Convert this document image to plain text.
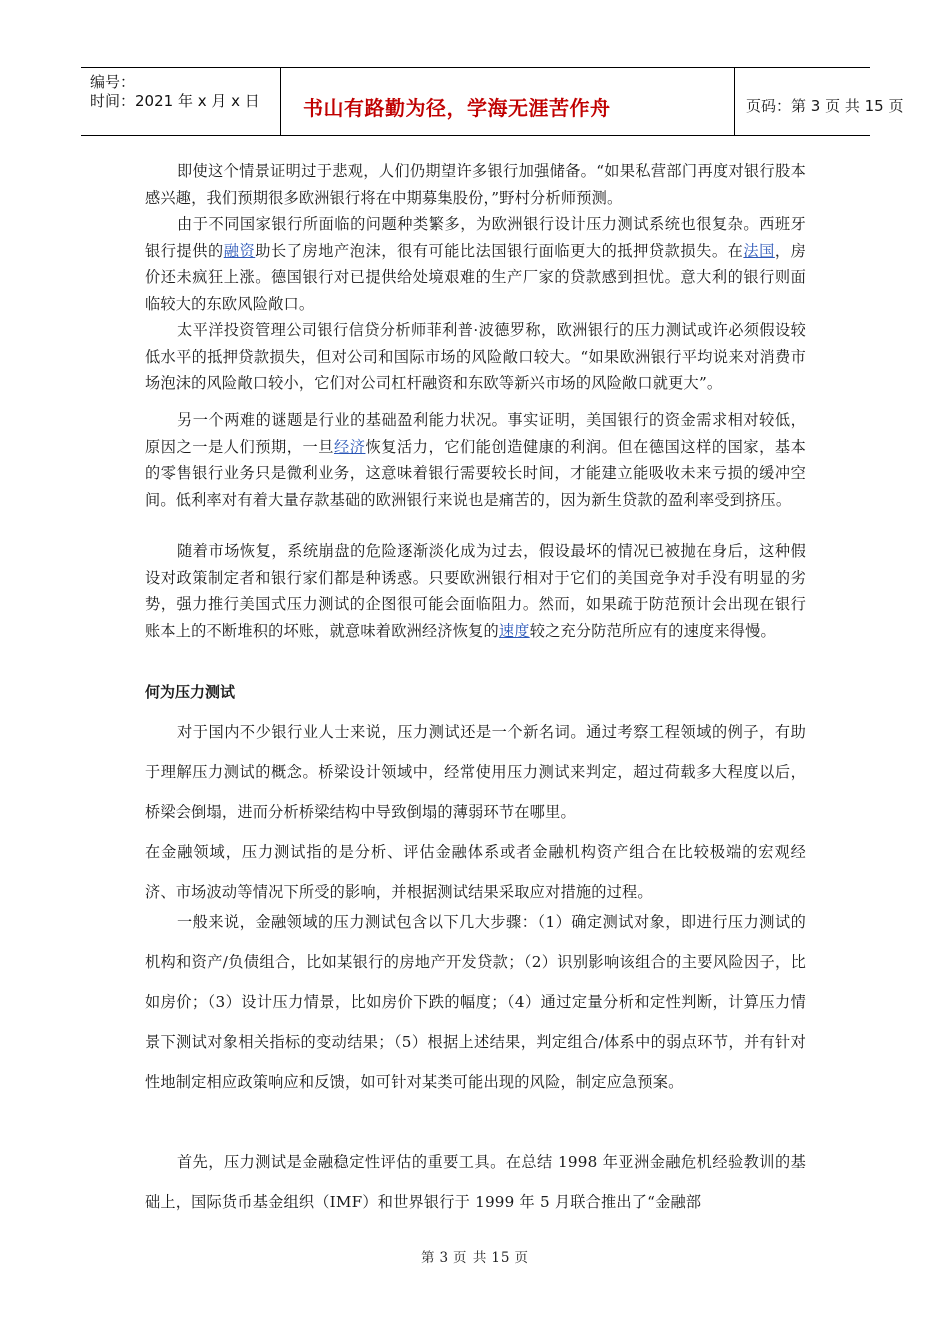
编号：
时间：2021 年 x 月 x 日 书山有路勤为径，学海无涯苦作舟	页码：第 3 页 共 15 页

即使这个情景证明过于悲观，人们仍期望许多银行加强储备。“如果私营部门再度对银行股本感兴趣，我们预期很多欧洲银行将在中期募集股份，”野村分析师预测。

由于不同国家银行所面临的问题种类繁多，为欧洲银行设计压力测试系统也很复杂。西班牙银行提供的融资助长了房地产泡沫，很有可能比法国银行面临更大的抵押贷款损失。在法国，房价还未疯狂上涨。德国银行对已提供给处境艰难的生产厂家的贷款感到担忧。意大利的银行则面临较大的东欧风险敞口。

太平洋投资管理公司银行信贷分析师菲利普·波德罗称，欧洲银行的压力测试或许必须假设较低水平的抵押贷款损失，但对公司和国际市场的风险敞口较大。“如果欧洲银行平均说来对消费市场泡沫的风险敞口较小，它们对公司杠杆融资和东欧等新兴市场的风险敞口就更大”。

另一个两难的谜题是行业的基础盈利能力状况。事实证明，美国银行的资金需求相对较低，原因之一是人们预期，一旦经济恢复活力，它们能创造健康的利润。但在德国这样的国家，基本的零售银行业务只是微利业务，这意味着银行需要较长时间，才能建立能吸收未来亏损的缓冲空间。低利率对有着大量存款基础的欧洲银行来说也是痛苦的，因为新生贷款的盈利率受到挤压。

随着市场恢复，系统崩盘的危险逐渐淡化成为过去，假设最坏的情况已被抛在身后，这种假设对政策制定者和银行家们都是种诱惑。只要欧洲银行相对于它们的美国竞争对手没有明显的劣势，强力推行美国式压力测试的企图很可能会面临阻力。然而，如果疏于防范预计会出现在银行账本上的不断堆积的坏账，就意味着欧洲经济恢复的速度较之充分防范所应有的速度来得慢。

何为压力测试

对于国内不少银行业人士来说，压力测试还是一个新名词。通过考察工程领域的例子，有助于理解压力测试的概念。桥梁设计领域中，经常使用压力测试来判定，超过荷载多大程度以后，桥梁会倒塌，进而分析桥梁结构中导致倒塌的薄弱环节在哪里。

在金融领域，压力测试指的是分析、评估金融体系或者金融机构资产组合在比较极端的宏观经济、市场波动等情况下所受的影响，并根据测试结果采取应对措施的过程。

一般来说，金融领域的压力测试包含以下几大步骤：（1）确定测试对象，即进行压力测试的机构和资产/负债组合，比如某银行的房地产开发贷款；（2）识别影响该组合的主要风险因子，比如房价；（3）设计压力情景，比如房价下跌的幅度；（4）通过定量分析和定性判断，计算压力情景下测试对象相关指标的变动结果；（5）根据上述结果，判定组合/体系中的弱点环节，并有针对性地制定相应政策响应和反馈，如可针对某类可能出现的风险，制定应急预案。

首先，压力测试是金融稳定性评估的重要工具。在总结 1998 年亚洲金融危机经验教训的基础上，国际货币基金组织（IMF）和世界银行于 1999 年 5 月联合推出了“金融部

第 3 页 共 15 页
